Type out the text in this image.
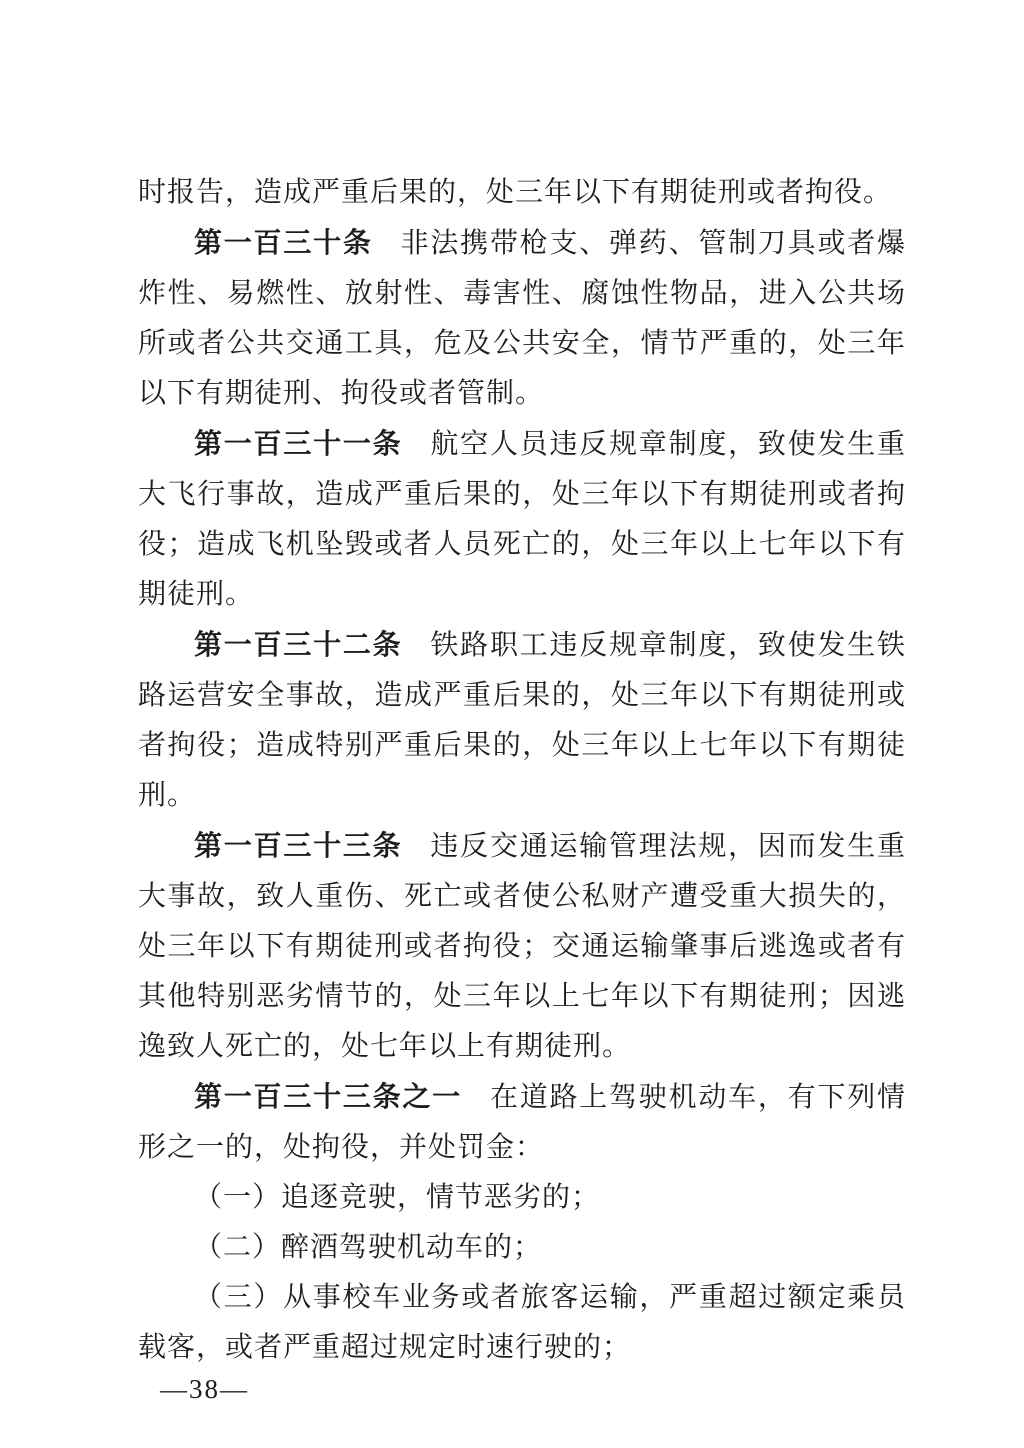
时报告，造成严重后果的，处三年以下有期徒刑或者拘役。

第一百三十条 非法携带枪支、弹药、管制刀具或者爆炸性、易燃性、放射性、毒害性、腐蚀性物品，进入公共场所或者公共交通工具，危及公共安全，情节严重的，处三年以下有期徒刑、拘役或者管制。

第一百三十一条 航空人员违反规章制度，致使发生重大飞行事故，造成严重后果的，处三年以下有期徒刑或者拘役；造成飞机坠毁或者人员死亡的，处三年以上七年以下有期徒刑。

第一百三十二条 铁路职工违反规章制度，致使发生铁路运营安全事故，造成严重后果的，处三年以下有期徒刑或者拘役；造成特别严重后果的，处三年以上七年以下有期徒刑。

第一百三十三条 违反交通运输管理法规，因而发生重大事故，致人重伤、死亡或者使公私财产遭受重大损失的，处三年以下有期徒刑或者拘役；交通运输肇事后逃逸或者有其他特别恶劣情节的，处三年以上七年以下有期徒刑；因逃逸致人死亡的，处七年以上有期徒刑。

第一百三十三条之一 在道路上驾驶机动车，有下列情形之一的，处拘役，并处罚金：

（一）追逐竞驶，情节恶劣的；

（二）醉酒驾驶机动车的；

（三）从事校车业务或者旅客运输，严重超过额定乘员载客，或者严重超过规定时速行驶的；

—38—
